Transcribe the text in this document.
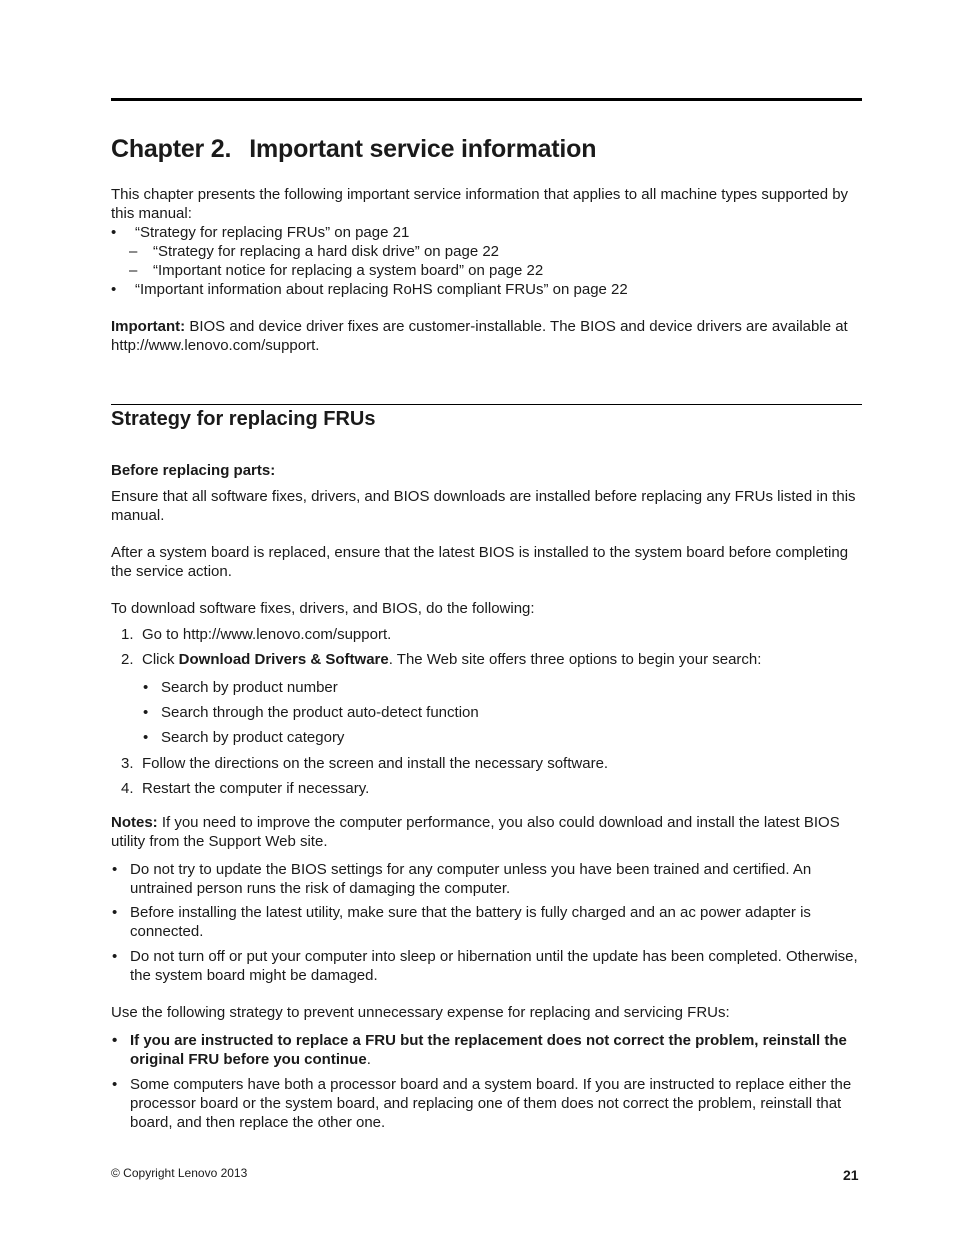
Chapter 2. Important service information
This chapter presents the following important service information that applies to all machine types supported by this manual:
• “Strategy for replacing FRUs” on page 21
– “Strategy for replacing a hard disk drive” on page 22
– “Important notice for replacing a system board” on page 22
• “Important information about replacing RoHS compliant FRUs” on page 22
Important: BIOS and device driver fixes are customer-installable. The BIOS and device drivers are available at http://www.lenovo.com/support.
Strategy for replacing FRUs
Before replacing parts:
Ensure that all software fixes, drivers, and BIOS downloads are installed before replacing any FRUs listed in this manual.
After a system board is replaced, ensure that the latest BIOS is installed to the system board before completing the service action.
To download software fixes, drivers, and BIOS, do the following:
1. Go to http://www.lenovo.com/support.
2. Click Download Drivers & Software. The Web site offers three options to begin your search:
• Search by product number
• Search through the product auto-detect function
• Search by product category
3. Follow the directions on the screen and install the necessary software.
4. Restart the computer if necessary.
Notes: If you need to improve the computer performance, you also could download and install the latest BIOS utility from the Support Web site.
• Do not try to update the BIOS settings for any computer unless you have been trained and certified. An untrained person runs the risk of damaging the computer.
• Before installing the latest utility, make sure that the battery is fully charged and an ac power adapter is connected.
• Do not turn off or put your computer into sleep or hibernation until the update has been completed. Otherwise, the system board might be damaged.
Use the following strategy to prevent unnecessary expense for replacing and servicing FRUs:
• If you are instructed to replace a FRU but the replacement does not correct the problem, reinstall the original FRU before you continue.
• Some computers have both a processor board and a system board. If you are instructed to replace either the processor board or the system board, and replacing one of them does not correct the problem, reinstall that board, and then replace the other one.
© Copyright Lenovo 2013	21
